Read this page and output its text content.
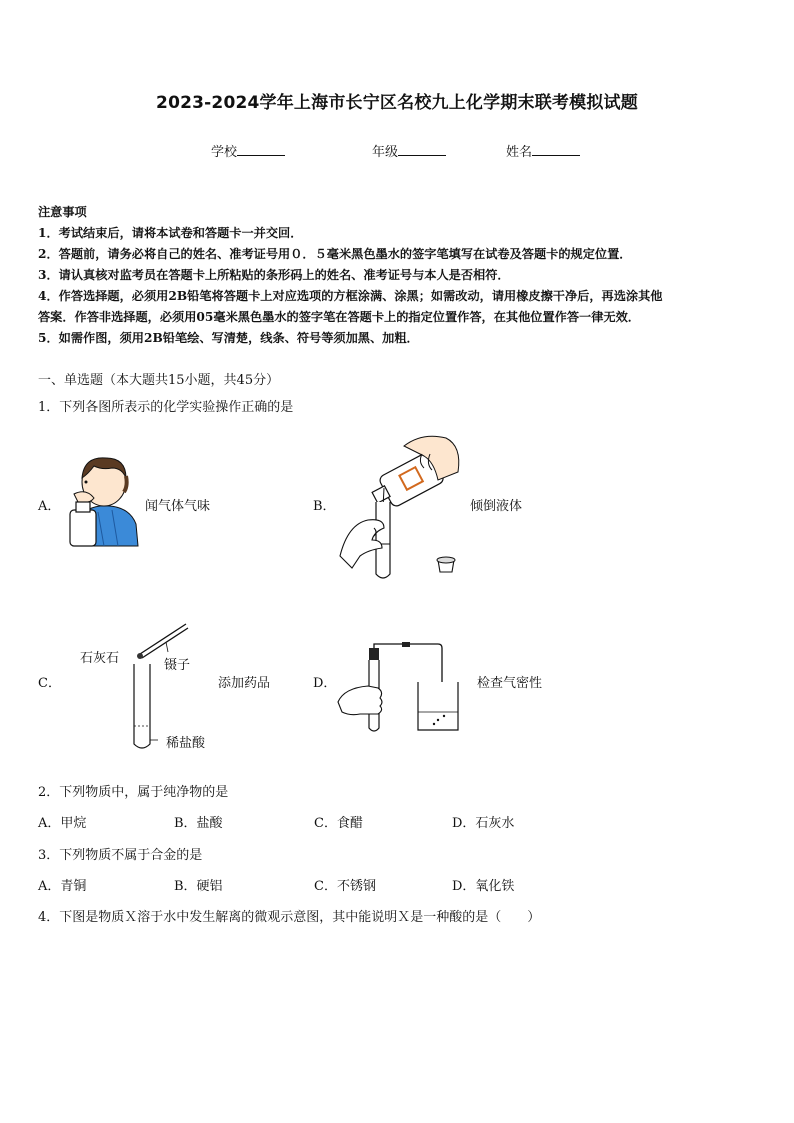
2023-2024学年上海市长宁区名校九上化学期末联考模拟试题
学校	年级	姓名
注意事项
1．考试结束后，请将本试卷和答题卡一并交回．
2．答题前，请务必将自己的姓名、准考证号用０．５毫米黑色墨水的签字笔填写在试卷及答题卡的规定位置．
3．请认真核对监考员在答题卡上所粘贴的条形码上的姓名、准考证号与本人是否相符．
4．作答选择题，必须用2B铅笔将答题卡上对应选项的方框涂满、涂黑；如需改动，请用橡皮擦干净后，再选涂其他
答案．作答非选择题，必须用05毫米黑色墨水的签字笔在答题卡上的指定位置作答，在其他位置作答一律无效．
5．如需作图，须用2B铅笔绘、写清楚，线条、符号等须加黑、加粗．
一、单选题（本大题共15小题，共45分）
1．下列各图所表示的化学实验操作正确的是
A．	闻气体气味	B．	倾倒液体
C．
石灰石	镊子
稀盐酸
添加药品	D．	检查气密性
2．下列物质中，属于纯净物的是
A．甲烷	B．盐酸	C．食醋	D．石灰水
3．下列物质不属于合金的是
A．青铜	B．硬铝	C．不锈钢	D．氧化铁
4．下图是物质Ｘ溶于水中发生解离的微观示意图，其中能说明Ｘ是一种酸的是（　　）
